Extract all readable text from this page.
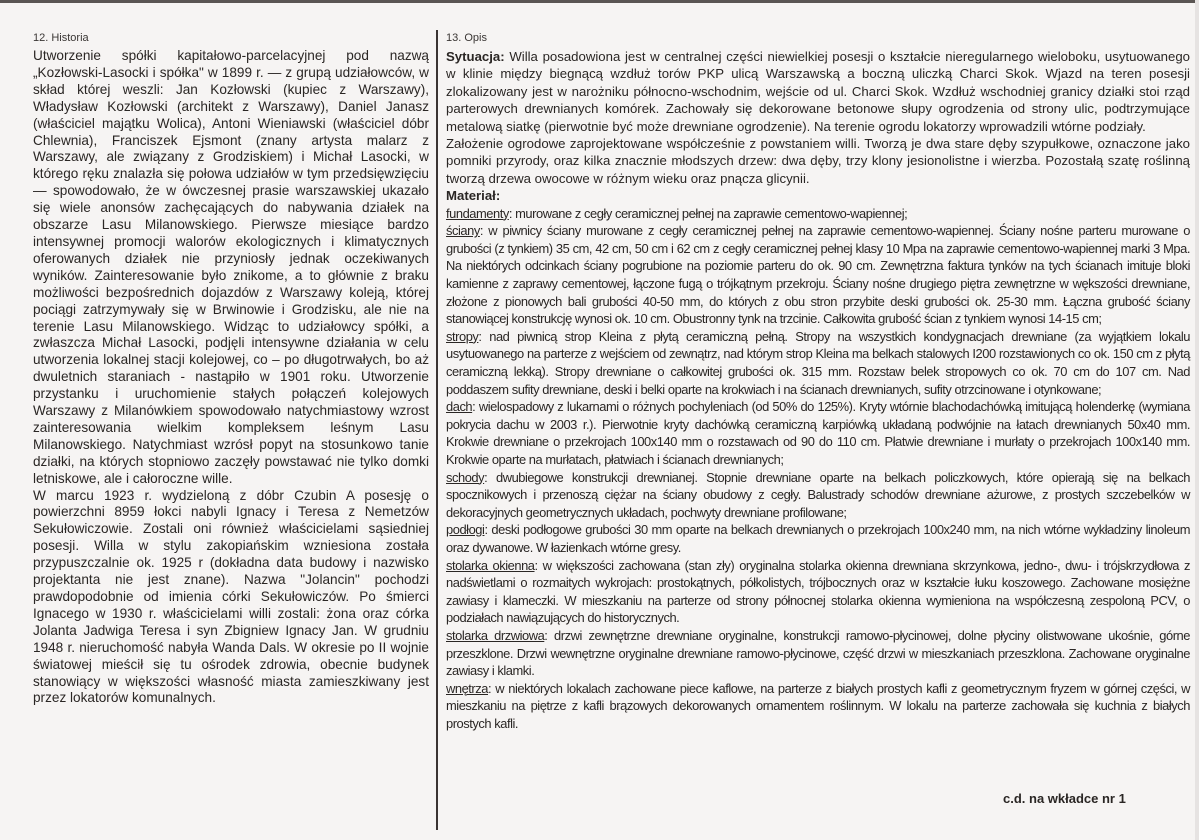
12. Historia

Utworzenie spółki kapitałowo-parcelacyjnej pod nazwą „Kozłowski-Lasocki i spółka" w 1899 r. — z grupą udziałowców, w skład której weszli: Jan Kozłowski (kupiec z Warszawy), Władysław Kozłowski (architekt z Warszawy), Daniel Janasz (właściciel majątku Wolica), Antoni Wieniawski (właściciel dóbr Chlewnia), Franciszek Ejsmont (znany artysta malarz z Warszawy, ale związany z Grodziskiem) i Michał Lasocki, w którego ręku znalazła się połowa udziałów w tym przedsięwzięciu — spowodowało, że w ówczesnej prasie warszawskiej ukazało się wiele anonsów zachęcających do nabywania działek na obszarze Lasu Milanowskiego. Pierwsze miesiące bardzo intensywnej promocji walorów ekologicznych i klimatycznych oferowanych działek nie przyniosły jednak oczekiwanych wyników. Zainteresowanie było znikome, a to głównie z braku możliwości bezpośrednich dojazdów z Warszawy koleją, której pociągi zatrzymywały się w Brwinowie i Grodzisku, ale nie na terenie Lasu Milanowskiego. Widząc to udziałowcy spółki, a zwłaszcza Michał Lasocki, podjęli intensywne działania w celu utworzenia lokalnej stacji kolejowej, co – po długotrwałych, bo aż dwuletnich staraniach - nastąpiło w 1901 roku. Utworzenie przystanku i uruchomienie stałych połączeń kolejowych Warszawy z Milanówkiem spowodowało natychmiastowy wzrost zainteresowania wielkim kompleksem leśnym Lasu Milanowskiego. Natychmiast wzrósł popyt na stosunkowo tanie działki, na których stopniowo zaczęły powstawać nie tylko domki letniskowe, ale i całoroczne wille.

W marcu 1923 r. wydzieloną z dóbr Czubin A posesję o powierzchni 8959 łokci nabyli Ignacy i Teresa z Nemetzów Sekułowiczowie. Zostali oni również właścicielami sąsiedniej posesji. Willa w stylu zakopiańskim wzniesiona została przypuszczalnie ok. 1925 r (dokładna data budowy i nazwisko projektanta nie jest znane). Nazwa "Jolancin" pochodzi prawdopodobnie od imienia córki Sekułowiczów. Po śmierci Ignacego w 1930 r. właścicielami willi zostali: żona oraz córka Jolanta Jadwiga Teresa i syn Zbigniew Ignacy Jan. W grudniu 1948 r. nieruchomość nabyła Wanda Dals. W okresie po II wojnie światowej mieścił się tu ośrodek zdrowia, obecnie budynek stanowiący w większości własność miasta zamieszkiwany jest przez lokatorów komunalnych.

13. Opis

Sytuacja: Willa posadowiona jest w centralnej części niewielkiej posesji o kształcie nieregularnego wieloboku, usytuowanego w klinie między biegnącą wzdłuż torów PKP ulicą Warszawską a boczną uliczką Charci Skok. Wjazd na teren posesji zlokalizowany jest w narożniku północno-wschodnim, wejście od ul. Charci Skok. Wzdłuż wschodniej granicy działki stoi rząd parterowych drewnianych komórek. Zachowały się dekorowane betonowe słupy ogrodzenia od strony ulic, podtrzymujące metalową siatkę (pierwotnie być może drewniane ogrodzenie). Na terenie ogrodu lokatorzy wprowadzili wtórne podziały.

Założenie ogrodowe zaprojektowane współcześnie z powstaniem willi. Tworzą je dwa stare dęby szypułkowe, oznaczone jako pomniki przyrody, oraz kilka znacznie młodszych drzew: dwa dęby, trzy klony jesionolistne i wierzba. Pozostałą szatę roślinną tworzą drzewa owocowe w różnym wieku oraz pnącza glicynii.

Materiał:

fundamenty: murowane z cegły ceramicznej pełnej na zaprawie cementowo-wapiennej;

ściany: w piwnicy ściany murowane z cegły ceramicznej pełnej na zaprawie cementowo-wapiennej. Ściany nośne parteru murowane o grubości (z tynkiem) 35 cm, 42 cm, 50 cm i 62 cm z cegły ceramicznej pełnej klasy 10 Mpa na zaprawie cementowo-wapiennej marki 3 Mpa. Na niektórych odcinkach ściany pogrubione na poziomie parteru do ok. 90 cm. Zewnętrzna faktura tynków na tych ścianach imituje bloki kamienne z zaprawy cementowej, łączone fugą o trójkątnym przekroju. Ściany nośne drugiego piętra zewnętrzne w wększości drewniane, złożone z pionowych bali grubości 40-50 mm, do których z obu stron przybite deski grubości ok. 25-30 mm. Łączna grubość ściany stanowiącej konstrukcję wynosi ok. 10 cm. Obustronny tynk na trzcinie. Całkowita grubość ścian z tynkiem wynosi 14-15 cm;

stropy: nad piwnicą strop Kleina z płytą ceramiczną pełną. Stropy na wszystkich kondygnacjach drewniane (za wyjątkiem lokalu usytuowanego na parterze z wejściem od zewnątrz, nad którym strop Kleina ma belkach stalowych I200 rozstawionych co ok. 150 cm z płytą ceramiczną lekką). Stropy drewniane o całkowitej grubości ok. 315 mm. Rozstaw belek stropowych co ok. 70 cm do 107 cm. Nad poddaszem sufity drewniane, deski i belki oparte na krokwiach i na ścianach drewnianych, sufity otrzcinowane i otynkowane;

dach: wielospadowy z lukarnami o różnych pochyleniach (od 50% do 125%). Kryty wtórnie blachodachówką imitującą holenderkę (wymiana pokrycia dachu w 2003 r.). Pierwotnie kryty dachówką ceramiczną karpiówką układaną podwójnie na łatach drewnianych 50x40 mm. Krokwie drewniane o przekrojach 100x140 mm o rozstawach od 90 do 110 cm. Płatwie drewniane i murłaty o przekrojach 100x140 mm. Krokwie oparte na murłatach, płatwiach i ścianach drewnianych;

schody: dwubiegowe konstrukcji drewnianej. Stopnie drewniane oparte na belkach policzkowych, które opierają się na belkach spocznikowych i przenoszą ciężar na ściany obudowy z cegły. Balustrady schodów drewniane ażurowe, z prostych szczebelków w dekoracyjnych geometrycznych układach, pochwyty drewniane profilowane;

podłogi: deski podłogowe grubości 30 mm oparte na belkach drewnianych o przekrojach 100x240 mm, na nich wtórne wykładziny linoleum oraz dywanowe. W łazienkach wtórne gresy.

stolarka okienna: w większości zachowana (stan zły) oryginalna stolarka okienna drewniana skrzynkowa, jedno-, dwu- i trójskrzydłowa z nadświetlami o rozmaitych wykrojach: prostokątnych, półkolistych, trójbocznych oraz w kształcie łuku koszowego. Zachowane mosiężne zawiasy i klameczki. W mieszkaniu na parterze od strony północnej stolarka okienna wymieniona na współczesną zespoloną PCV, o podziałach nawiązujących do historycznych.

stolarka drzwiowa: drzwi zewnętrzne drewniane oryginalne, konstrukcji ramowo-płycinowej, dolne płyciny olistwowane ukośnie, górne przeszklone. Drzwi wewnętrzne oryginalne drewniane ramowo-płycinowe, część drzwi w mieszkaniach przeszklona. Zachowane oryginalne zawiasy i klamki.

wnętrza: w niektórych lokalach zachowane piece kaflowe, na parterze z białych prostych kafli z geometrycznym fryzem w górnej części, w mieszkaniu na piętrze z kafli brązowych dekorowanych ornamentem roślinnym. W lokalu na parterze zachowała się kuchnia z białych prostych kafli.

c.d. na wkładce nr 1
